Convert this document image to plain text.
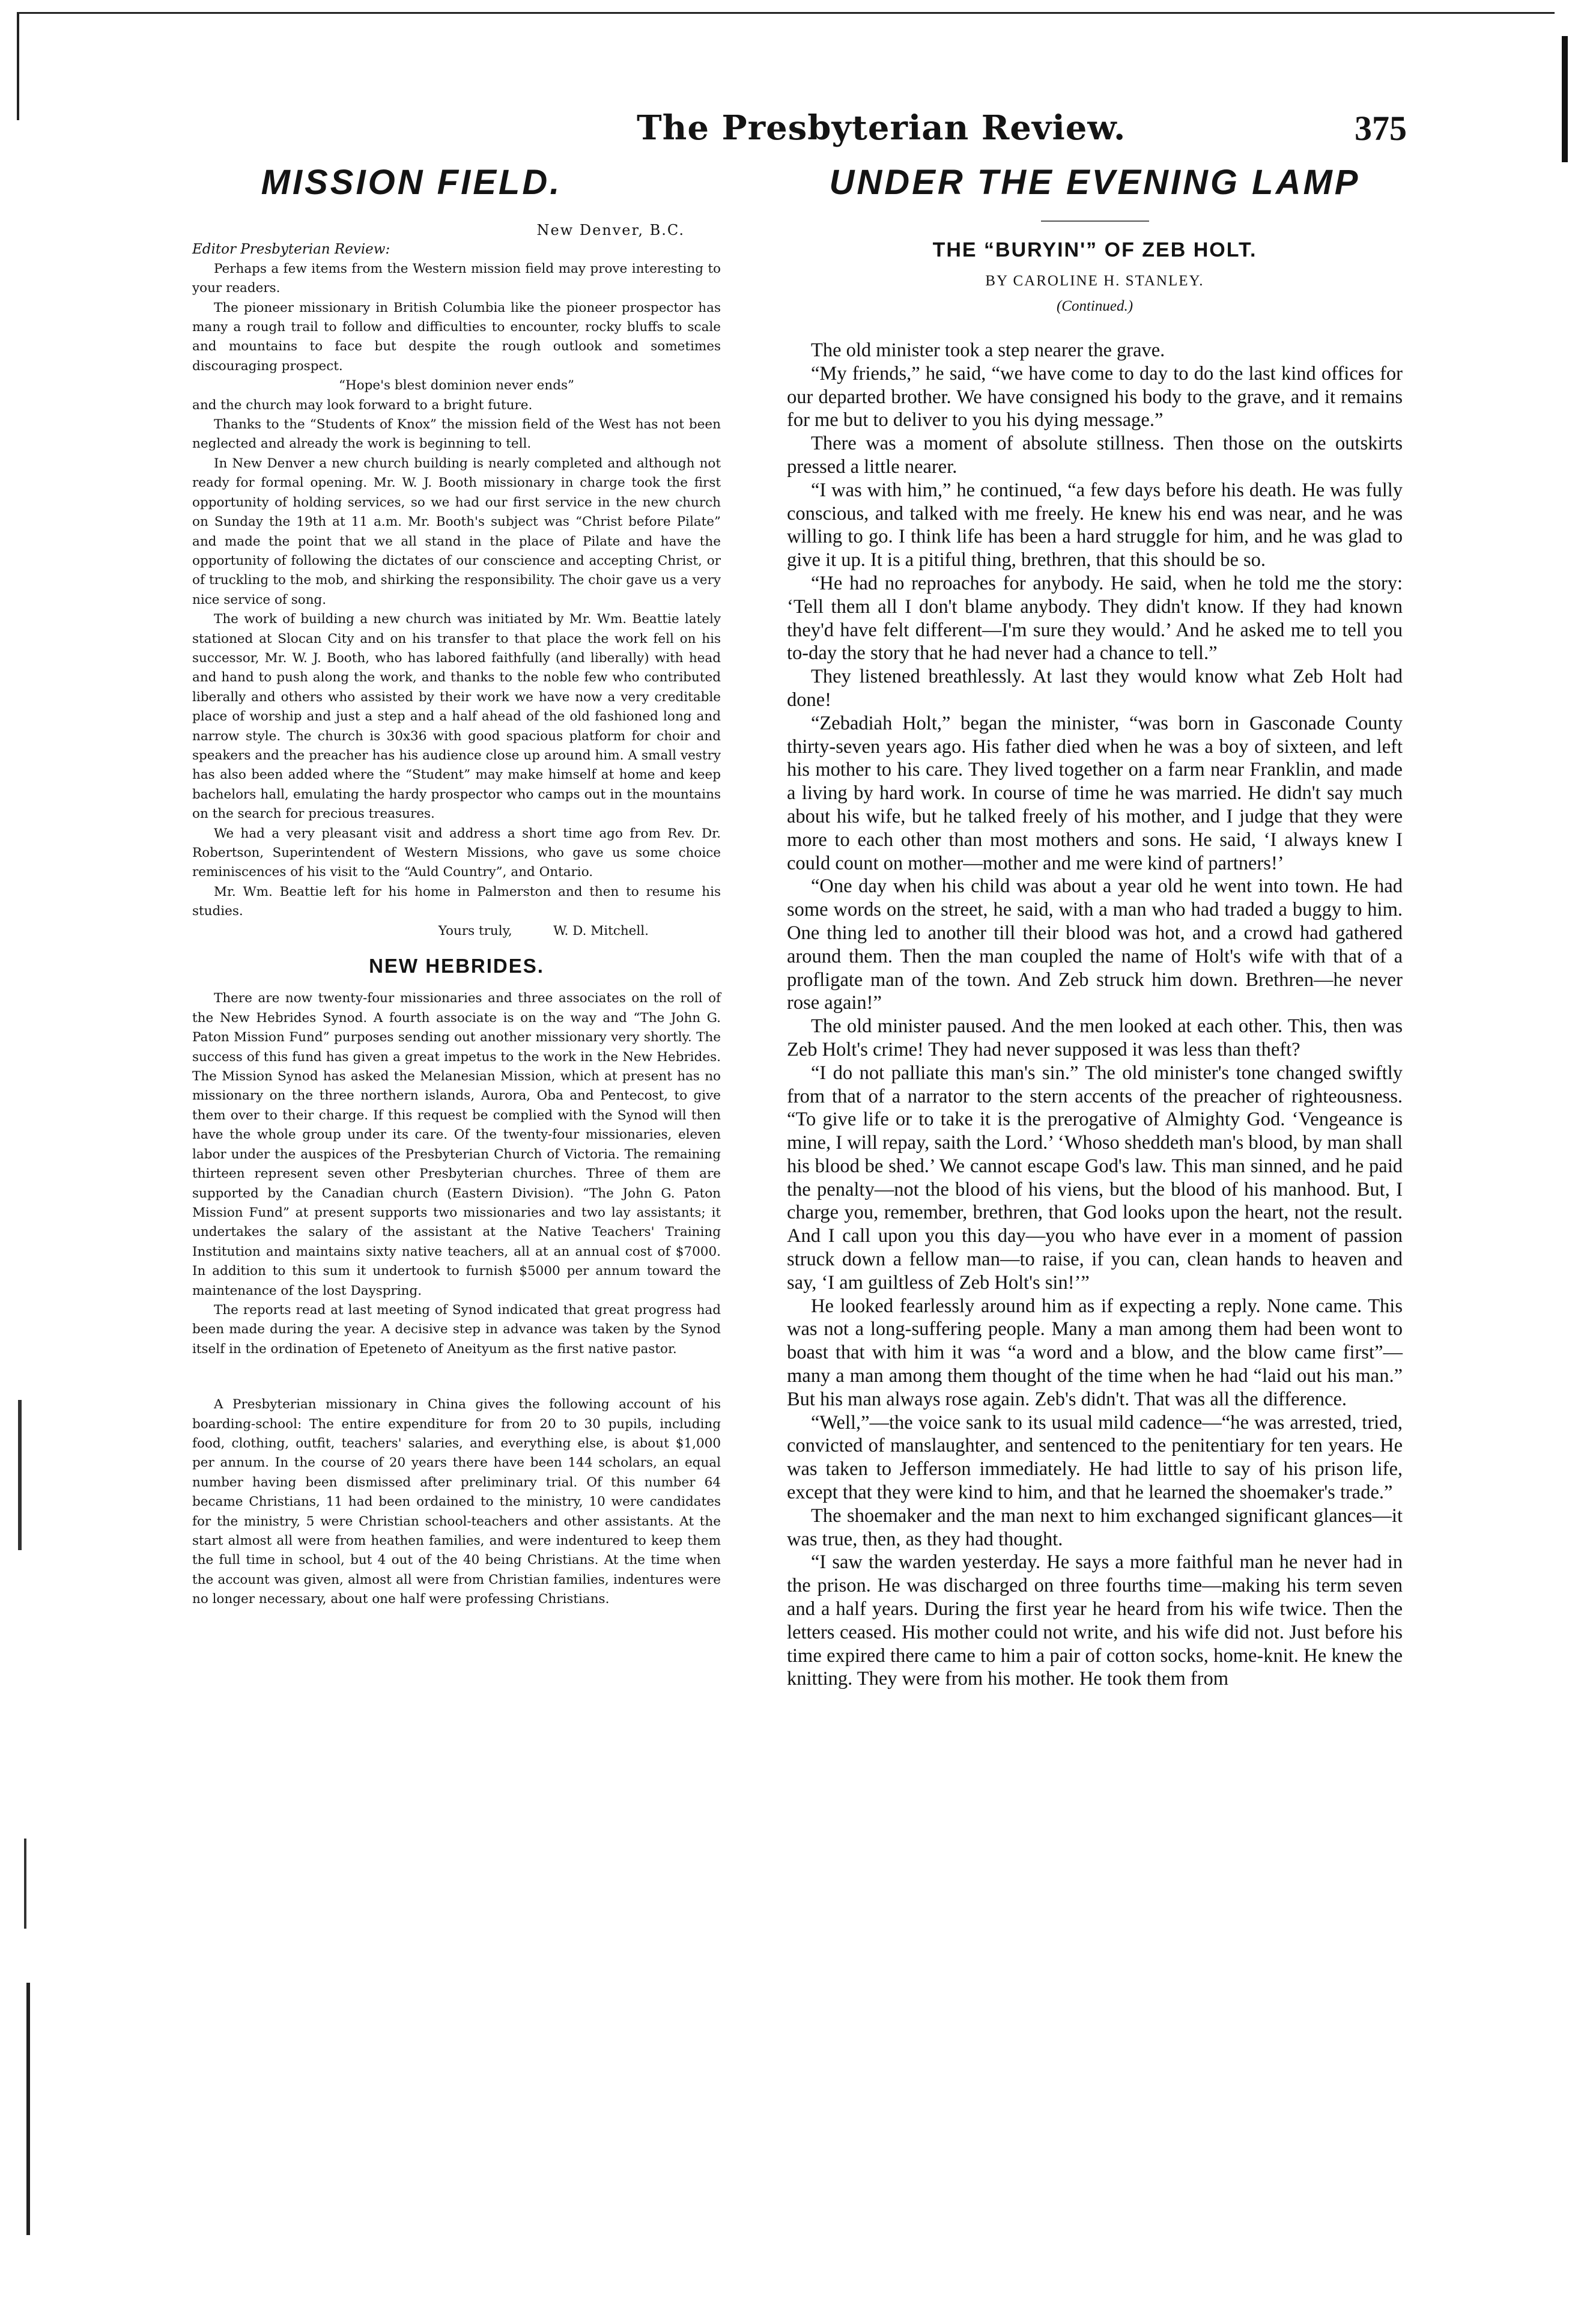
The Presbyterian Review.	375
MISSION FIELD.

New Denver, B.C.

Editor Presbyterian Review:

Perhaps a few items from the Western mission field may prove interesting to your readers.

The pioneer missionary in British Columbia like the pioneer prospector has many a rough trail to follow and difficulties to encounter, rocky bluffs to scale and mountains to face but despite the rough outlook and sometimes discouraging prospect.

“Hope's blest dominion never ends”

and the church may look forward to a bright future.

Thanks to the “Students of Knox” the mission field of the West has not been neglected and already the work is beginning to tell.

In New Denver a new church building is nearly completed and although not ready for formal opening. Mr. W. J. Booth missionary in charge took the first opportunity of holding services, so we had our first service in the new church on Sunday the 19th at 11 a.m. Mr. Booth's subject was “Christ before Pilate” and made the point that we all stand in the place of Pilate and have the opportunity of following the dictates of our conscience and accepting Christ, or of truckling to the mob, and shirking the responsibility. The choir gave us a very nice service of song.

The work of building a new church was initiated by Mr. Wm. Beattie lately stationed at Slocan City and on his transfer to that place the work fell on his successor, Mr. W. J. Booth, who has labored faithfully (and liberally) with head and hand to push along the work, and thanks to the noble few who contributed liberally and others who assisted by their work we have now a very creditable place of worship and just a step and a half ahead of the old fashioned long and narrow style. The church is 30x36 with good spacious platform for choir and speakers and the preacher has his audience close up around him. A small vestry has also been added where the “Student” may make himself at home and keep bachelors hall, emulating the hardy prospector who camps out in the mountains on the search for precious treasures.

We had a very pleasant visit and address a short time ago from Rev. Dr. Robertson, Superintendent of Western Missions, who gave us some choice reminiscences of his visit to the “Auld Country”, and Ontario.

Mr. Wm. Beattie left for his home in Palmerston and then to resume his studies.

Yours truly,	W. D. Mitchell.

NEW HEBRIDES.

There are now twenty-four missionaries and three associates on the roll of the New Hebrides Synod. A fourth associate is on the way and “The John G. Paton Mission Fund” purposes sending out another missionary very shortly. The success of this fund has given a great impetus to the work in the New Hebrides. The Mission Synod has asked the Melanesian Mission, which at present has no missionary on the three northern islands, Aurora, Oba and Pentecost, to give them over to their charge. If this request be complied with the Synod will then have the whole group under its care. Of the twenty-four missionaries, eleven labor under the auspices of the Presbyterian Church of Victoria. The remaining thirteen represent seven other Presbyterian churches. Three of them are supported by the Canadian church (Eastern Division). “The John G. Paton Mission Fund” at present supports two missionaries and two lay assistants; it undertakes the salary of the assistant at the Native Teachers' Training Institution and maintains sixty native teachers, all at an annual cost of $7000. In addition to this sum it undertook to furnish $5000 per annum toward the maintenance of the lost Dayspring.

The reports read at last meeting of Synod indicated that great progress had been made during the year. A decisive step in advance was taken by the Synod itself in the ordination of Epeteneto of Aneityum as the first native pastor.

A Presbyterian missionary in China gives the following account of his boarding-school: The entire expenditure for from 20 to 30 pupils, including food, clothing, outfit, teachers' salaries, and everything else, is about $1,000 per annum. In the course of 20 years there have been 144 scholars, an equal number having been dismissed after preliminary trial. Of this number 64 became Christians, 11 had been ordained to the ministry, 10 were candidates for the ministry, 5 were Christian school-teachers and other assistants. At the start almost all were from heathen families, and were indentured to keep them the full time in school, but 4 out of the 40 being Christians. At the time when the account was given, almost all were from Christian families, indentures were no longer necessary, about one half were professing Christians.

UNDER THE EVENING LAMP
THE “BURYIN'” OF ZEB HOLT.
BY CAROLINE H. STANLEY.
(Continued.)

The old minister took a step nearer the grave.

“My friends,” he said, “we have come to day to do the last kind offices for our departed brother. We have consigned his body to the grave, and it remains for me but to deliver to you his dying message.”

There was a moment of absolute stillness. Then those on the outskirts pressed a little nearer.

“I was with him,” he continued, “a few days before his death. He was fully conscious, and talked with me freely. He knew his end was near, and he was willing to go. I think life has been a hard struggle for him, and he was glad to give it up. It is a pitiful thing, brethren, that this should be so.

“He had no reproaches for anybody. He said, when he told me the story: ‘Tell them all I don't blame anybody. They didn't know. If they had known they'd have felt different—I'm sure they would.’ And he asked me to tell you to-day the story that he had never had a chance to tell.”

They listened breathlessly. At last they would know what Zeb Holt had done!

“Zebadiah Holt,” began the minister, “was born in Gasconade County thirty-seven years ago. His father died when he was a boy of sixteen, and left his mother to his care. They lived together on a farm near Franklin, and made a living by hard work. In course of time he was married. He didn't say much about his wife, but he talked freely of his mother, and I judge that they were more to each other than most mothers and sons. He said, ‘I always knew I could count on mother—mother and me were kind of partners!’

“One day when his child was about a year old he went into town. He had some words on the street, he said, with a man who had traded a buggy to him. One thing led to another till their blood was hot, and a crowd had gathered around them. Then the man coupled the name of Holt's wife with that of a profligate man of the town. And Zeb struck him down. Brethren—he never rose again!”

The old minister paused. And the men looked at each other. This, then was Zeb Holt's crime! They had never supposed it was less than theft?

“I do not palliate this man's sin.” The old minister's tone changed swiftly from that of a narrator to the stern accents of the preacher of righteousness. “To give life or to take it is the prerogative of Almighty God. ‘Vengeance is mine, I will repay, saith the Lord.’ ‘Whoso sheddeth man's blood, by man shall his blood be shed.’ We cannot escape God's law. This man sinned, and he paid the penalty—not the blood of his viens, but the blood of his manhood. But, I charge you, remember, brethren, that God looks upon the heart, not the result. And I call upon you this day—you who have ever in a moment of passion struck down a fellow man—to raise, if you can, clean hands to heaven and say, ‘I am guiltless of Zeb Holt's sin!’”

He looked fearlessly around him as if expecting a reply. None came. This was not a long-suffering people. Many a man among them had been wont to boast that with him it was “a word and a blow, and the blow came first”—many a man among them thought of the time when he had “laid out his man.” But his man always rose again. Zeb's didn't. That was all the difference.

“Well,”—the voice sank to its usual mild cadence—“he was arrested, tried, convicted of manslaughter, and sentenced to the penitentiary for ten years. He was taken to Jefferson immediately. He had little to say of his prison life, except that they were kind to him, and that he learned the shoemaker's trade.”

The shoemaker and the man next to him exchanged significant glances—it was true, then, as they had thought.

“I saw the warden yesterday. He says a more faithful man he never had in the prison. He was discharged on three fourths time—making his term seven and a half years. During the first year he heard from his wife twice. Then the letters ceased. His mother could not write, and his wife did not. Just before his time expired there came to him a pair of cotton socks, home-knit. He knew the knitting. They were from his mother. He took them from
